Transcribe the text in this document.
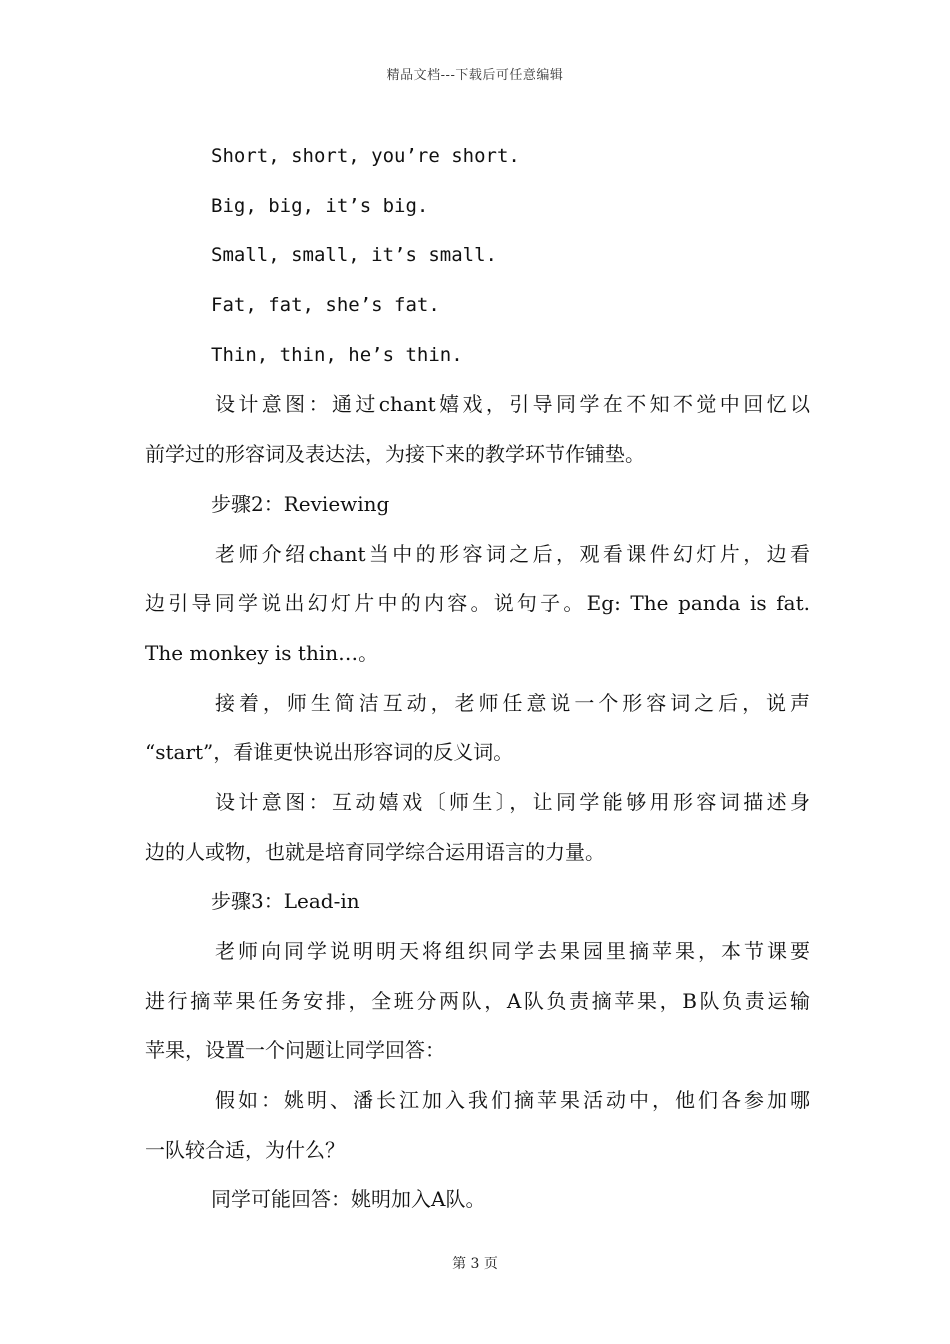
精品文档---下载后可任意编辑
Short, short, you’re short.
Big, big, it’s big.
Small, small, it’s small.
Fat, fat, she’s fat.
Thin, thin, he’s thin.
设计意图：通过chant嬉戏，引导同学在不知不觉中回忆以
前学过的形容词及表达法，为接下来的教学环节作铺垫。
步骤2：Reviewing
老师介绍chant当中的形容词之后，观看课件幻灯片，边看
边引导同学说出幻灯片中的内容。说句子。Eg: The panda is fat.
The monkey is thin…。
接着，师生简洁互动，老师任意说一个形容词之后，说声
“start”，看谁更快说出形容词的反义词。
设计意图：互动嬉戏〔师生〕，让同学能够用形容词描述身
边的人或物，也就是培育同学综合运用语言的力量。
步骤3：Lead-in
老师向同学说明明天将组织同学去果园里摘苹果，本节课要
进行摘苹果任务安排，全班分两队，A队负责摘苹果，B队负责运输
苹果，设置一个问题让同学回答：
假如：姚明、潘长江加入我们摘苹果活动中，他们各参加哪
一队较合适，为什么？
同学可能回答：姚明加入A队。
第 3 页
